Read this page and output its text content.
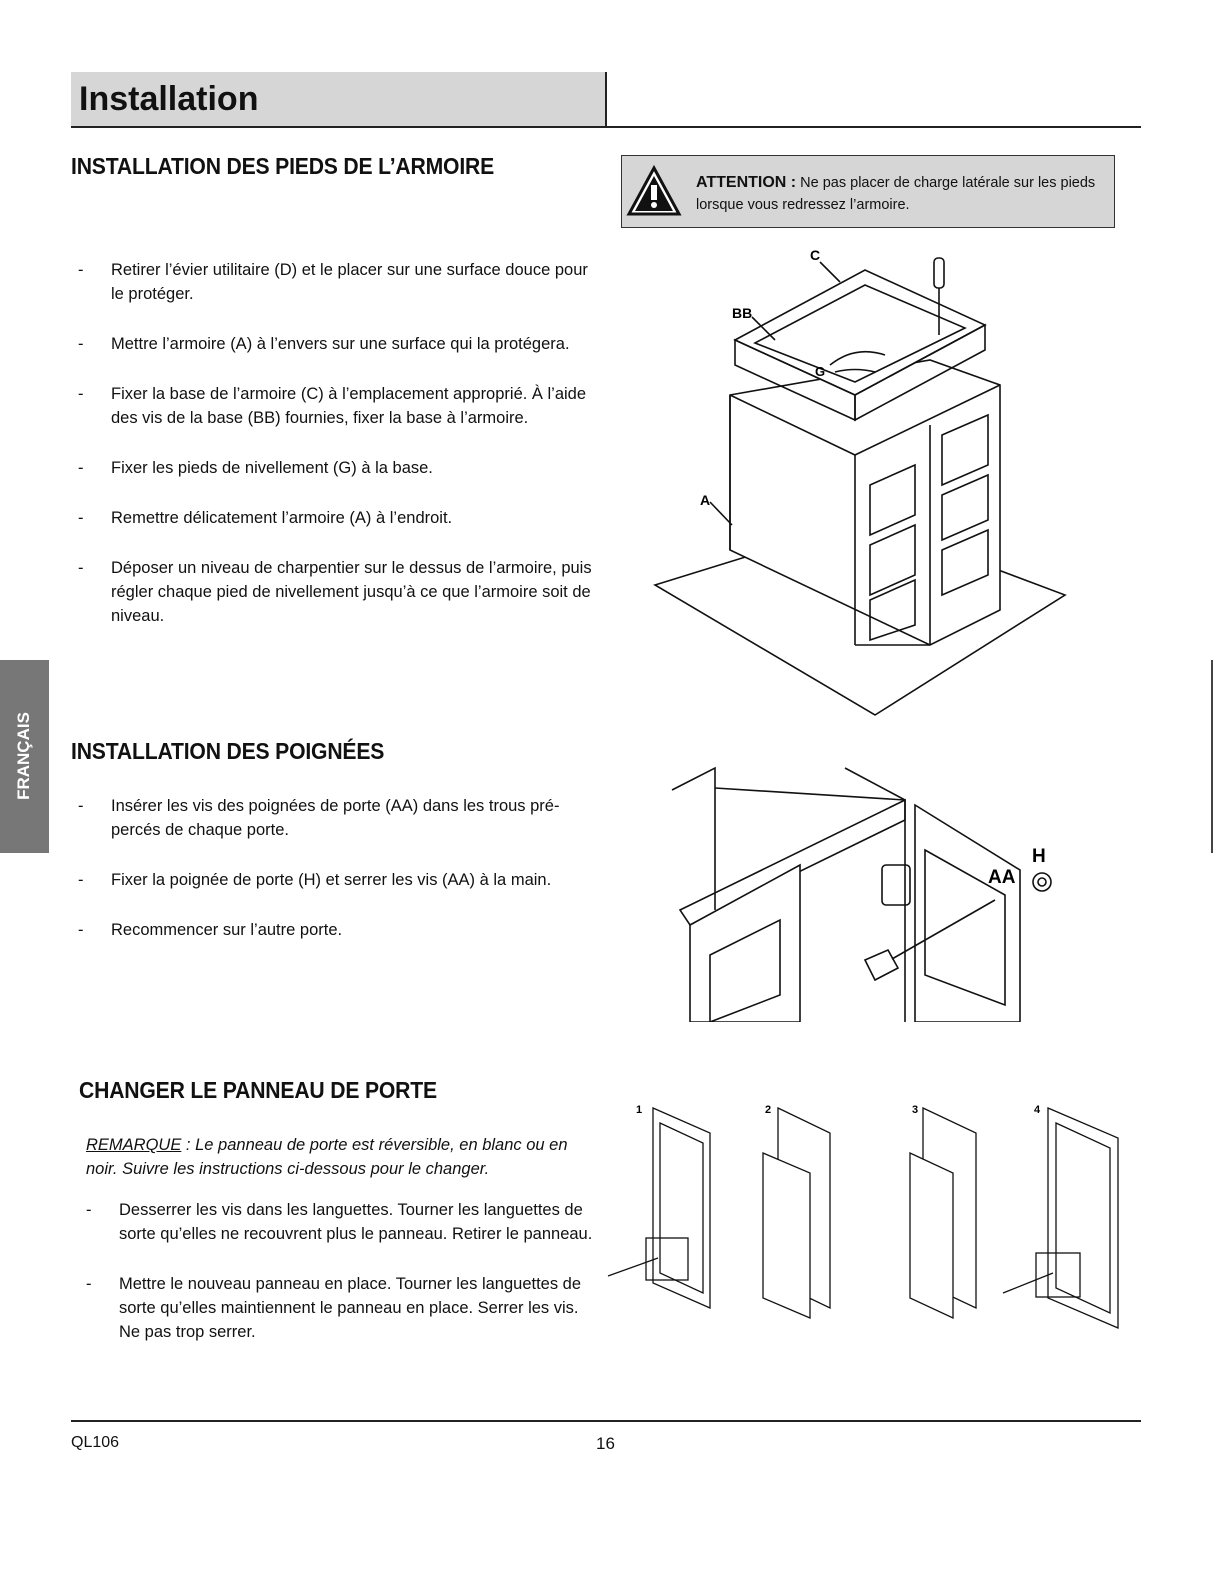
Installation
INSTALLATION DES PIEDS DE L’ARMOIRE
ATTENTION : Ne pas placer de charge latérale sur les pieds lorsque vous redressez l’armoire.
- Retirer l’évier utilitaire (D) et le placer sur une surface douce pour le protéger.
- Mettre l’armoire (A) à l’envers sur une surface qui la protégera.
- Fixer la base de l’armoire (C) à l’emplacement approprié. À l’aide des vis de la base (BB) fournies, fixer la base à l’armoire.
- Fixer les pieds de nivellement (G) à la base.
- Remettre délicatement l’armoire (A) à l’endroit.
- Déposer un niveau de charpentier sur le dessus de l’armoire, puis régler chaque pied de nivellement jusqu’à ce que l’armoire soit de niveau.
C
BB
G
A
INSTALLATION DES POIGNÉES
- Insérer les vis des poignées de porte (AA) dans les trous pré-percés de chaque porte.
- Fixer la poignée de porte (H) et serrer les vis (AA) à la main.
- Recommencer sur l’autre porte.
AA
H
CHANGER LE PANNEAU DE PORTE
REMARQUE : Le panneau de porte est réversible, en blanc ou en noir. Suivre les instructions ci-dessous pour le changer.
- Desserrer les vis dans les languettes. Tourner les languettes de sorte qu’elles ne recouvrent plus le panneau. Retirer le panneau.
- Mettre le nouveau panneau en place. Tourner les languettes de sorte qu’elles maintiennent le panneau en place. Serrer les vis. Ne pas trop serrer.
1	2	3	4
FRANÇAIS
QL106	16
